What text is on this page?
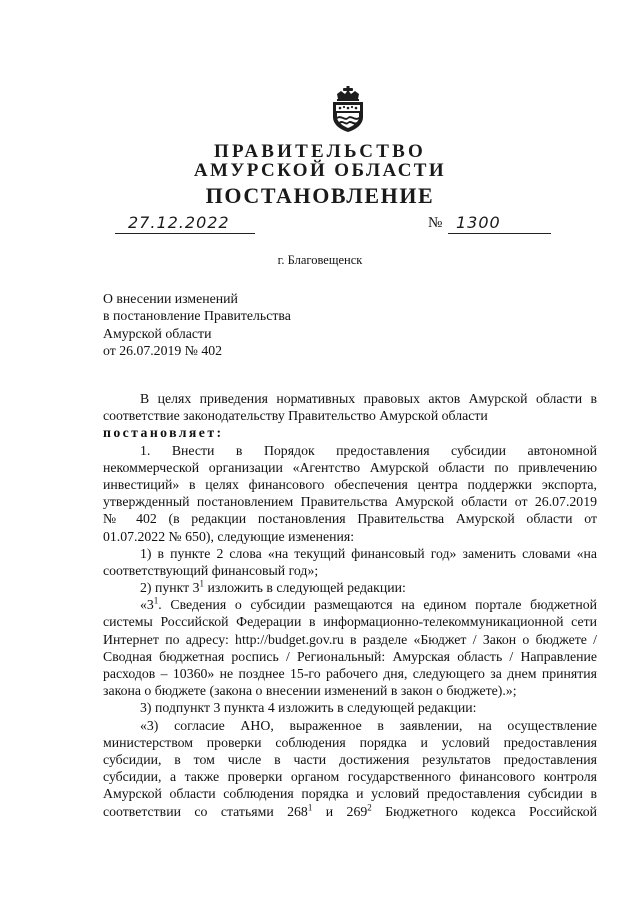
ПРАВИТЕЛЬСТВО
АМУРСКОЙ ОБЛАСТИ
ПОСТАНОВЛЕНИЕ
27.12.2022	№ 1300
г. Благовещенск
О внесении изменений
в постановление Правительства
Амурской области
от 26.07.2019 № 402
В целях приведения нормативных правовых актов Амурской области в
соответствие законодательству Правительство Амурской области
постановляет:
1. Внести в Порядок предоставления субсидии автономной
некоммерческой организации «Агентство Амурской области по привлечению
инвестиций» в целях финансового обеспечения центра поддержки экспорта,
утвержденный постановлением Правительства Амурской области от 26.07.2019
№ 402 (в редакции постановления Правительства Амурской области от
01.07.2022 № 650), следующие изменения:
1) в пункте 2 слова «на текущий финансовый год» заменить словами «на
соответствующий финансовый год»;
2) пункт $3^1$ изложить в следующей редакции:
«$3^1$. Сведения о субсидии размещаются на едином портале бюджетной
системы Российской Федерации в информационно-телекоммуникационной сети
Интернет по адресу: http://budget.gov.ru в разделе «Бюджет / Закон о бюджете /
Сводная бюджетная роспись / Региональный: Амурская область / Направление
расходов – 10360» не позднее 15-го рабочего дня, следующего за днем принятия
закона о бюджете (закона о внесении изменений в закон о бюджете).»;
3) подпункт 3 пункта 4 изложить в следующей редакции:
«3) согласие АНО, выраженное в заявлении, на осуществление
министерством проверки соблюдения порядка и условий предоставления
субсидии, в том числе в части достижения результатов предоставления
субсидии, а также проверки органом государственного финансового контроля
Амурской области соблюдения порядка и условий предоставления субсидии в
соответствии со статьями $268^1$ и $269^2$ Бюджетного кодекса Российской
